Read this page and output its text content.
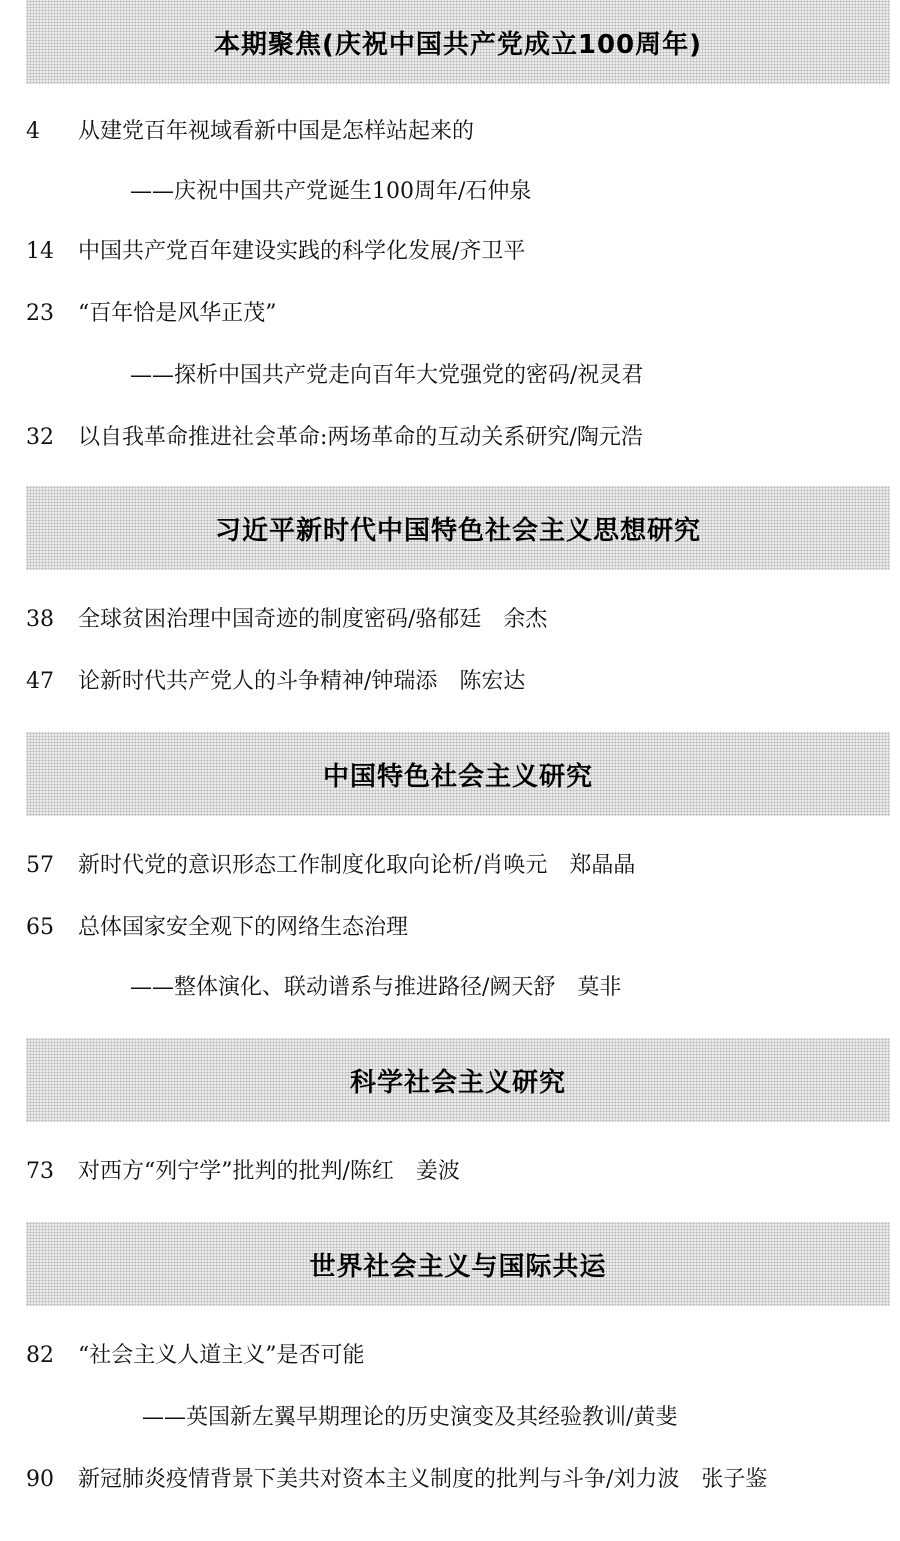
本期聚焦(庆祝中国共产党成立100周年)
4 从建党百年视域看新中国是怎样站起来的
——庆祝中国共产党诞生100周年/石仲泉
14 中国共产党百年建设实践的科学化发展/齐卫平
23 “百年恰是风华正茂”
——探析中国共产党走向百年大党强党的密码/祝灵君
32 以自我革命推进社会革命:两场革命的互动关系研究/陶元浩
习近平新时代中国特色社会主义思想研究
38 全球贫困治理中国奇迹的制度密码/骆郁廷　余杰
47 论新时代共产党人的斗争精神/钟瑞添　陈宏达
中国特色社会主义研究
57 新时代党的意识形态工作制度化取向论析/肖唤元　郑晶晶
65 总体国家安全观下的网络生态治理
——整体演化、联动谱系与推进路径/阙天舒　莫非
科学社会主义研究
73 对西方“列宁学”批判的批判/陈红　姜波
世界社会主义与国际共运
82 “社会主义人道主义”是否可能
——英国新左翼早期理论的历史演变及其经验教训/黄斐
90 新冠肺炎疫情背景下美共对资本主义制度的批判与斗争/刘力波　张子鉴
